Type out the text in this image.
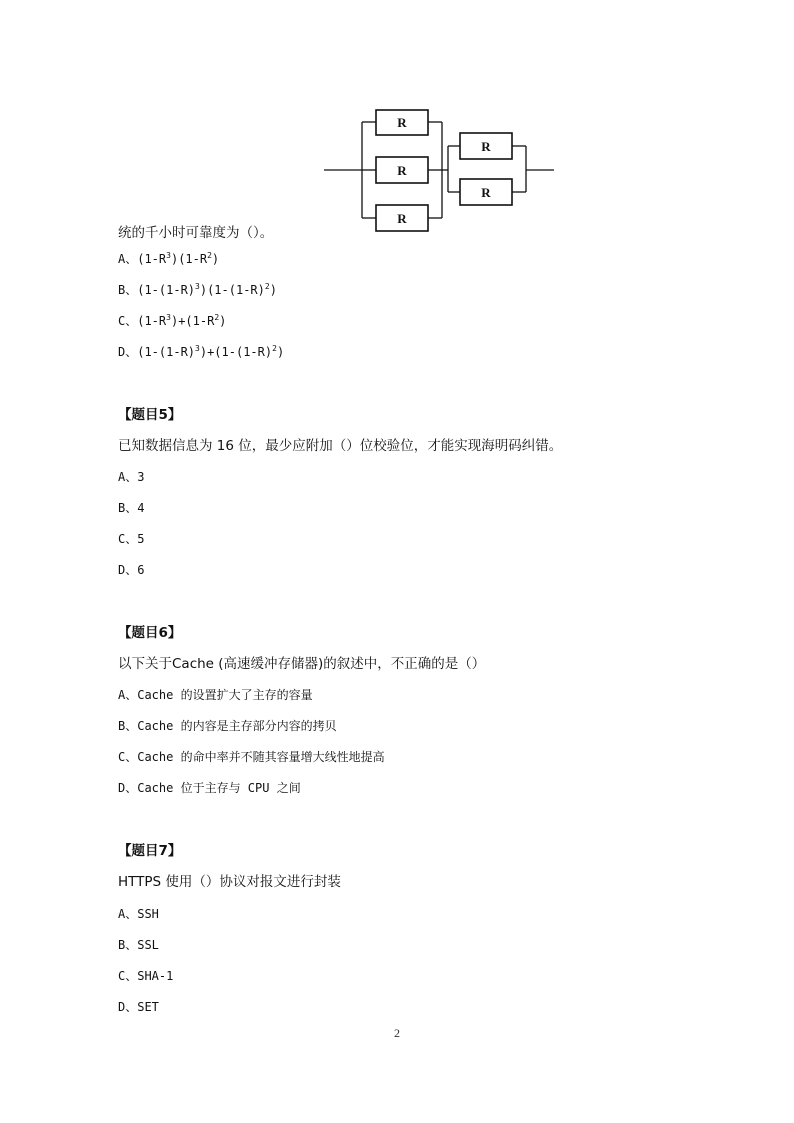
R
R
R
R
R
统的千小时可靠度为（）。
A、$(1-R^3)(1-R^2)$
B、$(1-(1-R)^3)(1-(1-R)^2)$
C、$(1-R^3)+(1-R^2)$
D、$(1-(1-R)^3)+(1-(1-R)^2)$
【题目5】
已知数据信息为 16 位，最少应附加（）位校验位，才能实现海明码纠错。
A、3
B、4
C、5
D、6
【题目6】
以下关于Cache (高速缓冲存储器)的叙述中，不正确的是（）
A、Cache 的设置扩大了主存的容量
B、Cache 的内容是主存部分内容的拷贝
C、Cache 的命中率并不随其容量增大线性地提高
D、Cache 位于主存与 CPU 之间
【题目7】
HTTPS 使用（）协议对报文进行封装
A、SSH
B、SSL
C、SHA-1
D、SET
2
